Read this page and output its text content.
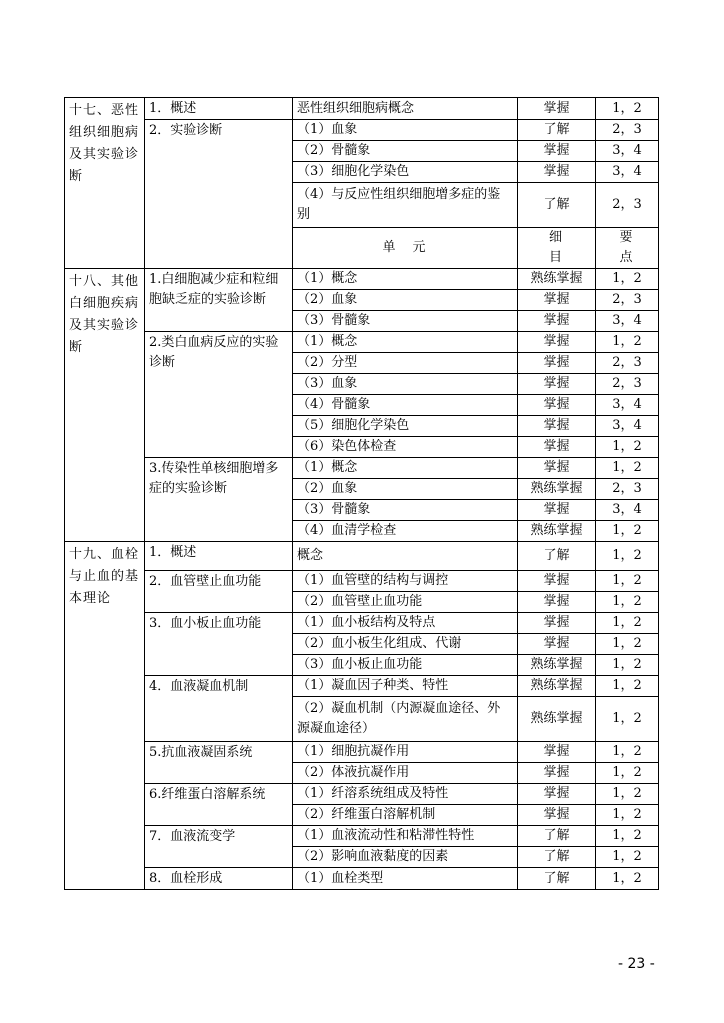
十七、恶性组织细胞病及其实验诊断	1．概述	恶性组织细胞病概念	掌握	1，2	
	2．实验诊断	（1）血象	了解	2，3	
		（2）骨髓象	掌握	3，4	
		（3）细胞化学染色	掌握	3，4	
		（4）与反应性组织细胞增多症的鉴别	了解	2，3	
		单　元	细　　　目	要　　　点		
十八、其他白细胞疾病及其实验诊断	1.白细胞减少症和粒细胞缺乏症的实验诊断	（1）概念	熟练掌握	1，2	
		（2）血象	掌握	2，3	
		（3）骨髓象	掌握	3，4	
	2.类白血病反应的实验诊断	（1）概念	掌握	1，2	
		（2）分型	掌握	2，3	
		（3）血象	掌握	2，3	
		（4）骨髓象	掌握	3，4	
		（5）细胞化学染色	掌握	3，4	
		（6）染色体检查	掌握	1，2	
	3.传染性单核细胞增多症的实验诊断	（1）概念	掌握	1，2	
		（2）血象	熟练掌握	2，3	
		（3）骨髓象	掌握	3，4	
		（4）血清学检查	熟练掌握	1，2	
十九、血栓与止血的基本理论	1．概述	概念	了解	1，2	
	2．血管壁止血功能	（1）血管壁的结构与调控	掌握	1，2	
		（2）血管壁止血功能	掌握	1，2	
	3．血小板止血功能	（1）血小板结构及特点	掌握	1，2	
		（2）血小板生化组成、代谢	掌握	1，2	
		（3）血小板止血功能	熟练掌握	1，2	
	4．血液凝血机制	（1）凝血因子种类、特性	熟练掌握	1，2	
		（2）凝血机制（内源凝血途径、外源凝血途径）	熟练掌握	1，2	
	5.抗血液凝固系统	（1）细胞抗凝作用	掌握	1，2	
		（2）体液抗凝作用	掌握	1，2	
	6.纤维蛋白溶解系统	（1）纤溶系统组成及特性	掌握	1，2	
		（2）纤维蛋白溶解机制	掌握	1，2	
	7．血液流变学	（1）血液流动性和粘滞性特性	了解	1，2	
		（2）影响血液黏度的因素	了解	1，2	
	8．血栓形成	（1）血栓类型	了解	1，2	
- 23 -
